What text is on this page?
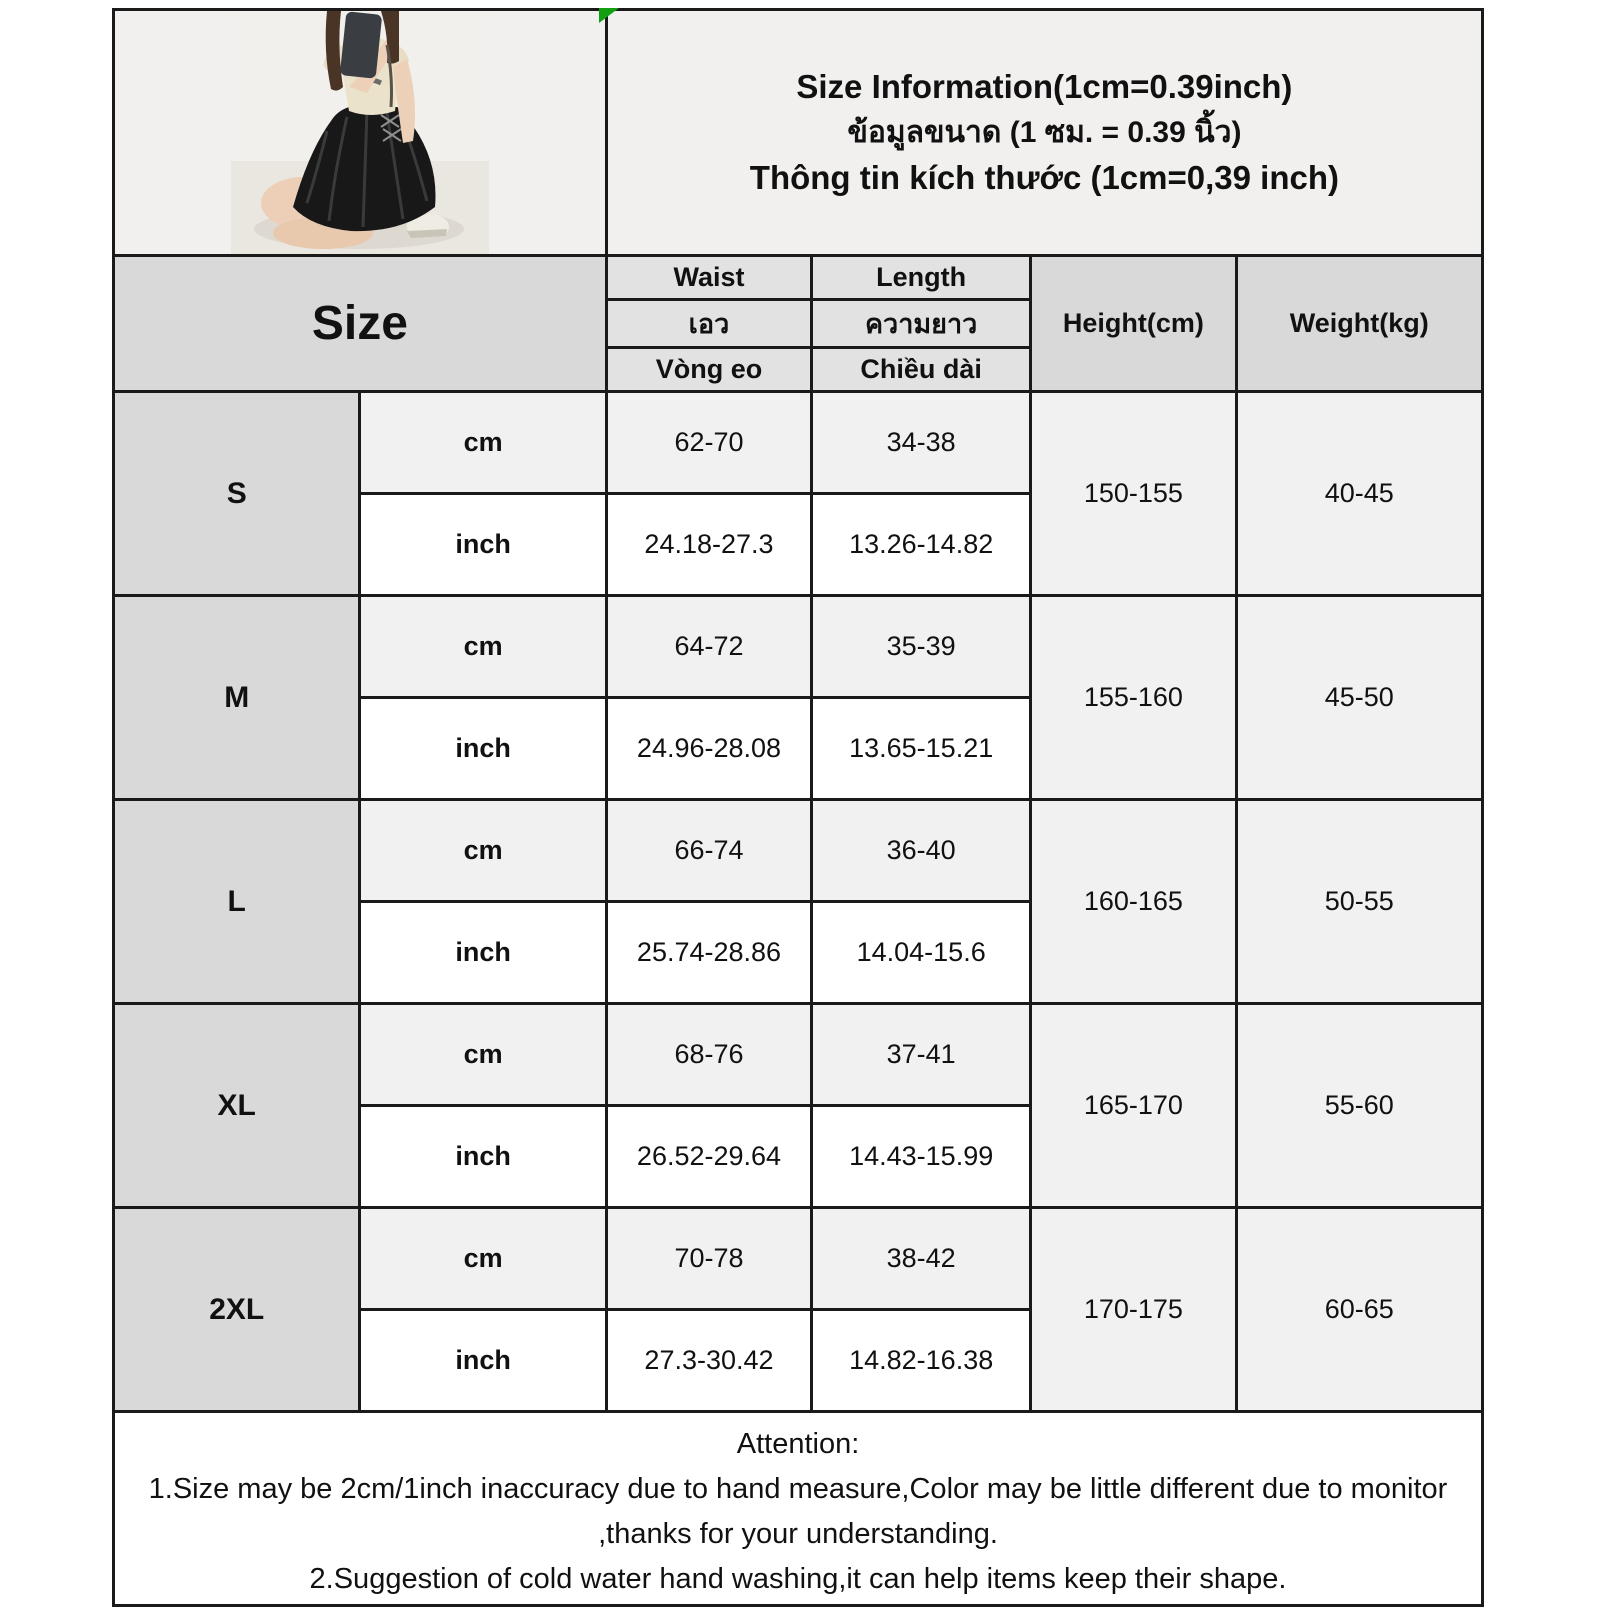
Size Information(1cm=0.39inch)
ข้อมูลขนาด (1 ซม. = 0.39 นิ้ว)
Thông tin kích thước (1cm=0,39 inch)			

Size		Waist	Length	Height(cm)	Weight(kg)
		เอว	ความยาว		
		Vòng eo	Chiều dài		
S	cm	62-70	34-38	150-155	40-45
	inch	24.18-27.3	13.26-14.82		
M	cm	64-72	35-39	155-160	45-50
	inch	24.96-28.08	13.65-15.21		
L	cm	66-74	36-40	160-165	50-55
	inch	25.74-28.86	14.04-15.6		
XL	cm	68-76	37-41	165-170	55-60
	inch	26.52-29.64	14.43-15.99		
2XL	cm	70-78	38-42	170-175	60-65
	inch	27.3-30.42	14.82-16.38		

Attention:
1.Size may be 2cm/1inch inaccuracy due to hand measure,Color may be little different due to monitor ,thanks for your understanding.
2.Suggestion of cold water hand washing,it can help items keep their shape.					
